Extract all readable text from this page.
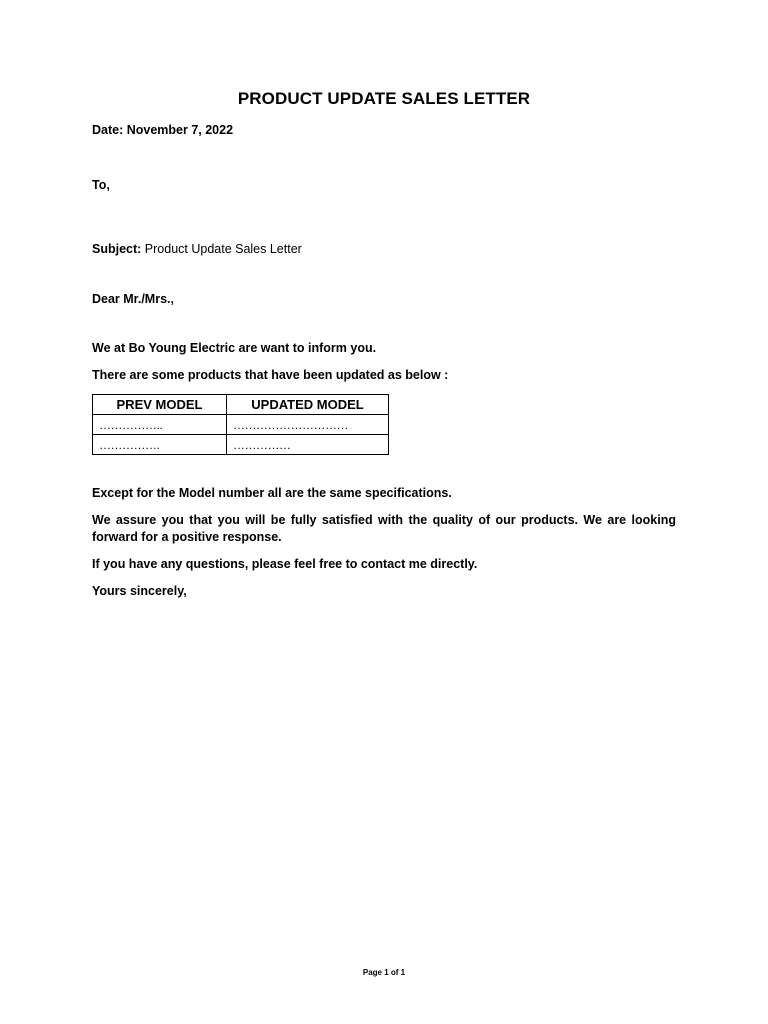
PRODUCT UPDATE SALES LETTER
Date: November 7, 2022
To,
Subject: Product Update Sales Letter
Dear Mr./Mrs.,
We at Bo Young Electric are want to inform you.
There are some products that have been updated as below :
PREV MODEL	UPDATED MODEL
……………..	…………………………
…………….	……………
Except for the Model number all are the same specifications.
We assure you that you will be fully satisfied with the quality of our products. We are looking forward for a positive response.
If you have any questions, please feel free to contact me directly.
Yours sincerely,
Page 1 of 1
